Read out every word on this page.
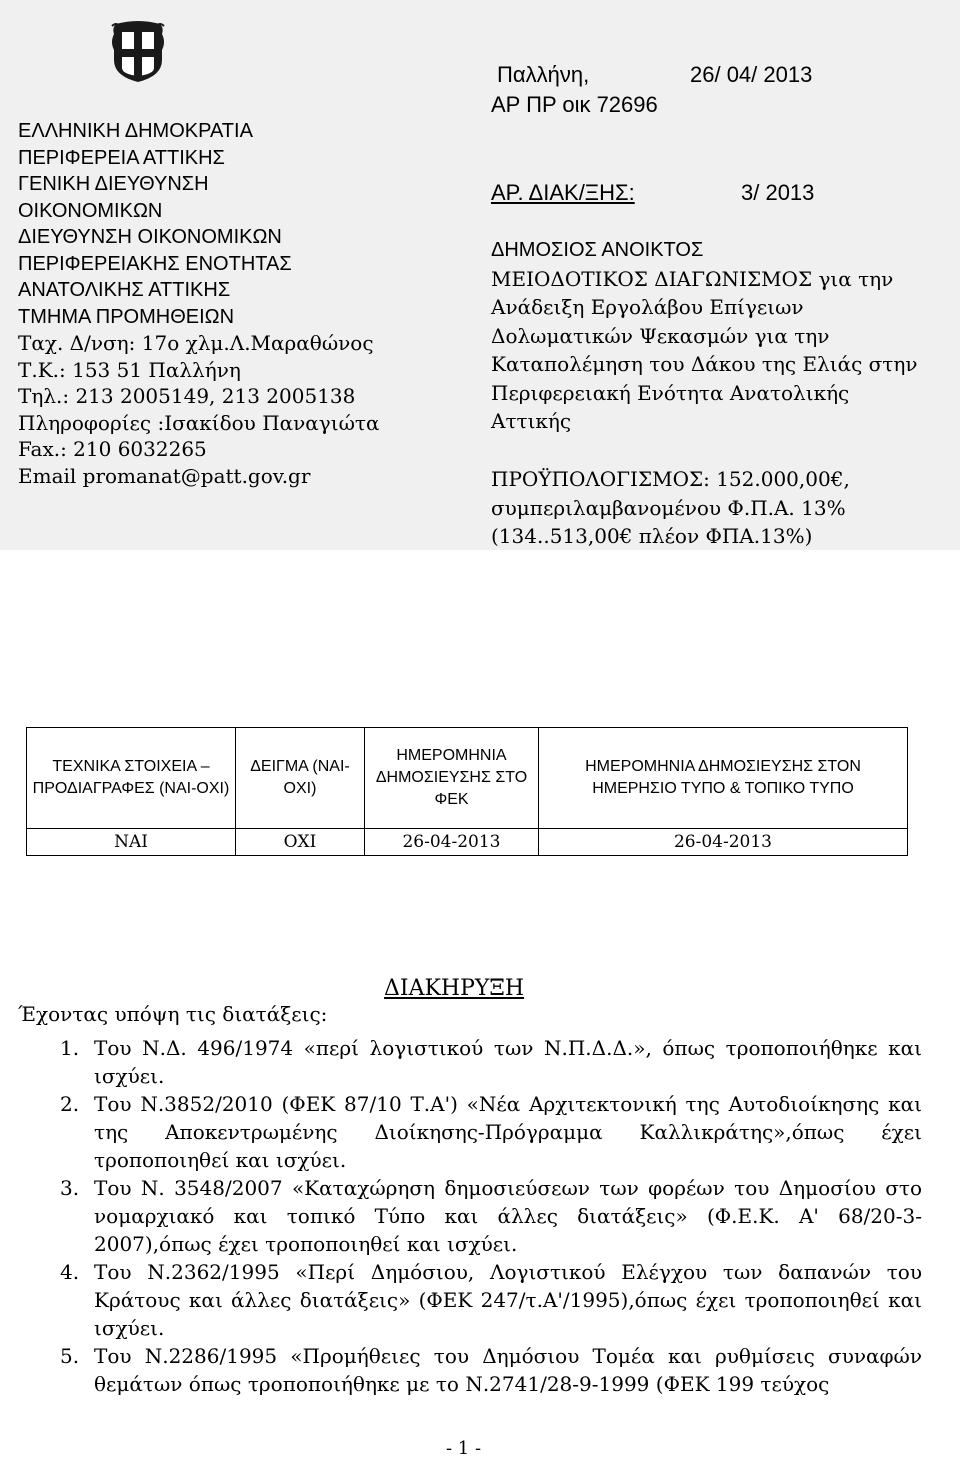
ΕΛΛΗΝΙΚΗ ΔΗΜΟΚΡΑΤΙΑ
ΠΕΡΙΦΕΡΕΙΑ ΑΤΤΙΚΗΣ
ΓΕΝΙΚΗ ΔΙΕΥΘΥΝΣΗ
ΟΙΚΟΝΟΜΙΚΩΝ
ΔΙΕΥΘΥΝΣΗ ΟΙΚΟΝΟΜΙΚΩΝ
ΠΕΡΙΦΕΡΕΙΑΚΗΣ ΕΝΟΤΗΤΑΣ
ΑΝΑΤΟΛΙΚΗΣ ΑΤΤΙΚΗΣ
ΤΜΗΜΑ ΠΡΟΜΗΘΕΙΩΝ
Ταχ. Δ/νση: 17ο χλμ.Λ.Μαραθώνος
Τ.Κ.: 153 51 Παλλήνη
Τηλ.: 213 2005149, 213 2005138
Πληροφορίες :Ισακίδου Παναγιώτα
Fax.: 210 6032265
Email promanat@patt.gov.gr
Παλλήνη,	26/ 04/ 2013
ΑΡ ΠΡ οικ 72696
ΑΡ. ΔΙΑΚ/ΞΗΣ:	3/ 2013
ΔΗΜΟΣΙΟΣ ΑΝΟΙΚΤΟΣ
ΜΕΙΟΔΟΤΙΚΟΣ ΔΙΑΓΩΝΙΣΜΟΣ για την
Ανάδειξη Εργολάβου Επίγειων
Δολωματικών Ψεκασμών για την
Καταπολέμηση του Δάκου της Ελιάς στην
Περιφερειακή Ενότητα Ανατολικής
Αττικής
ΠΡΟΫΠΟΛΟΓΙΣΜΟΣ: 152.000,00€,
συμπεριλαμβανομένου Φ.Π.Α. 13%
(134..513,00€ πλέον ΦΠΑ.13%)
ΤΕΧΝΙΚΑ ΣΤΟΙΧΕΙΑ – ΠΡΟΔΙΑΓΡΑΦΕΣ (ΝΑΙ-ΟΧΙ)	ΔΕΙΓΜΑ (ΝΑΙ-ΟΧΙ)	ΗΜΕΡΟΜΗΝΙΑ ΔΗΜΟΣΙΕΥΣΗΣ ΣΤΟ ΦΕΚ	ΗΜΕΡΟΜΗΝΙΑ ΔΗΜΟΣΙΕΥΣΗΣ ΣΤΟΝ ΗΜΕΡΗΣΙΟ ΤΥΠΟ & ΤΟΠΙΚΟ ΤΥΠΟ
ΝΑΙ	ΟΧΙ	26-04-2013	26-04-2013
ΔΙΑΚΗΡΥΞΗ
Έχοντας υπόψη τις διατάξεις:
1. Του Ν.Δ. 496/1974 «περί λογιστικού των Ν.Π.Δ.Δ.», όπως τροποποιήθηκε και ισχύει.
2. Του Ν.3852/2010 (ΦΕΚ 87/10 Τ.Α') «Νέα Αρχιτεκτονική της Αυτοδιοίκησης και της Αποκεντρωμένης Διοίκησης-Πρόγραμμα Καλλικράτης»,όπως έχει τροποποιηθεί και ισχύει.
3. Του Ν. 3548/2007 «Καταχώρηση δημοσιεύσεων των φορέων του Δημοσίου στο νομαρχιακό και τοπικό Τύπο και άλλες διατάξεις» (Φ.Ε.Κ. Α' 68/20-3-2007),όπως έχει τροποποιηθεί και ισχύει.
4. Του Ν.2362/1995 «Περί Δημόσιου, Λογιστικού Ελέγχου των δαπανών του Κράτους και άλλες διατάξεις» (ΦΕΚ 247/τ.Α'/1995),όπως έχει τροποποιηθεί και ισχύει.
5. Του Ν.2286/1995 «Προμήθειες του Δημόσιου Τομέα και ρυθμίσεις συναφών θεμάτων όπως τροποποιήθηκε με το Ν.2741/28-9-1999 (ΦΕΚ 199 τεύχος
- 1 -
